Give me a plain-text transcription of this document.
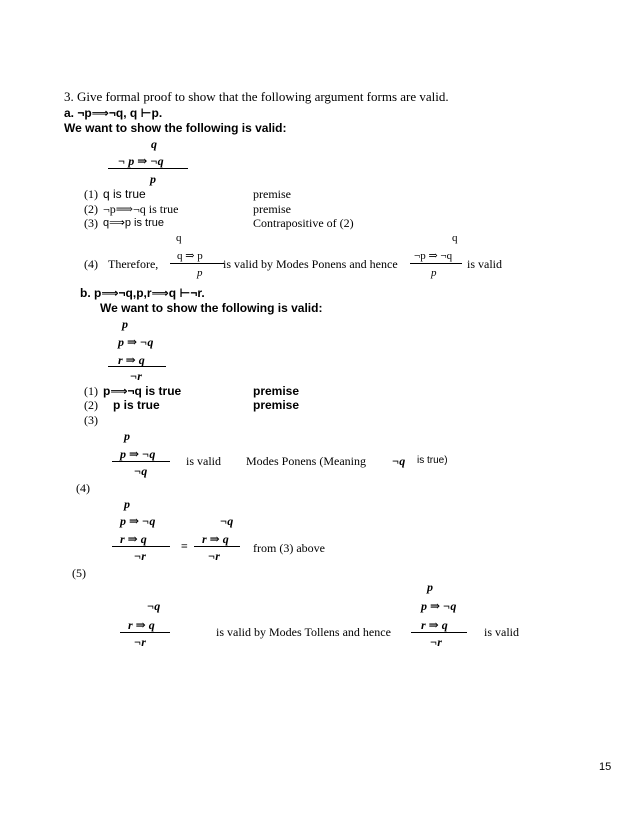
3. Give formal proof to show that the following argument forms are valid.
a. ¬p⟹¬q, q ⊢p.
We want to show the following is valid:
q
¬ p ⇒ ¬q
p
(1) q is true	premise
(2) ¬p⟹¬q is true	premise
(3) q⟹p is true	Contrapositive of (2)
q
(4) Therefore,
q ⇒ p
p
is valid by Modes Ponens and hence
q
¬p ⇒ ¬q
p
is valid
b. p⟹¬q,p,r⟹q ⊢¬r.
We want to show the following is valid:
p
p ⇒ ¬q
r ⇒ q
¬r
(1) p⟹¬q is true	premise
(2) p is true	premise
(3)
p
p ⇒ ¬q
¬q
is valid Modes Ponens (Meaning ¬q is true)
(4)
p
p ⇒ ¬q
r ⇒ q
¬r
≡
¬q
r ⇒ q
¬r
from (3) above
(5)
¬q
r ⇒ q
¬r
is valid by Modes Tollens and hence
p
p ⇒ ¬q
r ⇒ q
¬r
is valid
15
